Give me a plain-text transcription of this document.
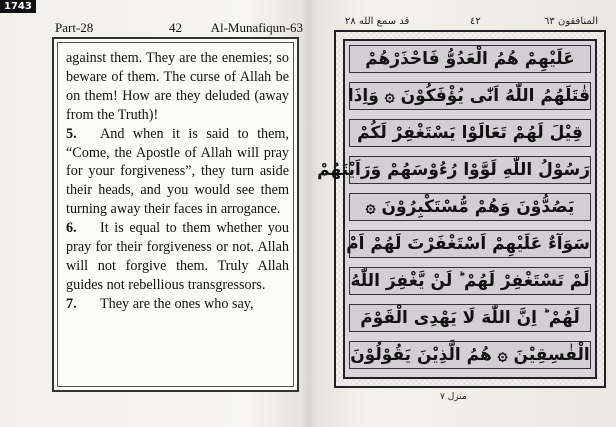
1743
Part-28	42 Al-Munafiqun-63

against them. They are the enemies; so beware of them. The curse of Allah be on them! How are they deluded (away from the Truth)!

5. And when it is said to them, “Come, the Apostle of Allah will pray for your forgiveness”, they turn aside their heads, and you would see them turning away their faces in arrogance.

6. It is equal to them whether you pray for their forgiveness or not. Allah will not forgive them. Truly Allah guides not rebellious transgressors.

7. They are the ones who say,

قد سمع الله ٢٨	٤٢	المنافقون ٦٣
عَلَيْهِمْ هُمُ الْعَدُوُّ فَاحْذَرْهُمْ
قٰتَلَهُمُ اللّٰهُ اَنّٰى يُؤْفَكُوْنَ ۞ وَاِذَا
قِيْلَ لَهُمْ تَعَالَوْا يَسْتَغْفِرْ لَكُمْ
رَسُوْلُ اللّٰهِ لَوَّوْا رُءُوْسَهُمْ وَرَاَيْتَهُمْ
يَصُدُّوْنَ وَهُمْ مُّسْتَكْبِرُوْنَ ۞
سَوَآءٌ عَلَيْهِمْ اَسْتَغْفَرْتَ لَهُمْ اَمْ
لَمْ تَسْتَغْفِرْ لَهُمْ ؕ لَنْ يَّغْفِرَ اللّٰهُ
لَهُمْ ؕ اِنَّ اللّٰهَ لَا يَهْدِى الْقَوْمَ
الْفٰسِقِيْنَ ۞ هُمُ الَّذِيْنَ يَقُوْلُوْنَ
منزل ٧
